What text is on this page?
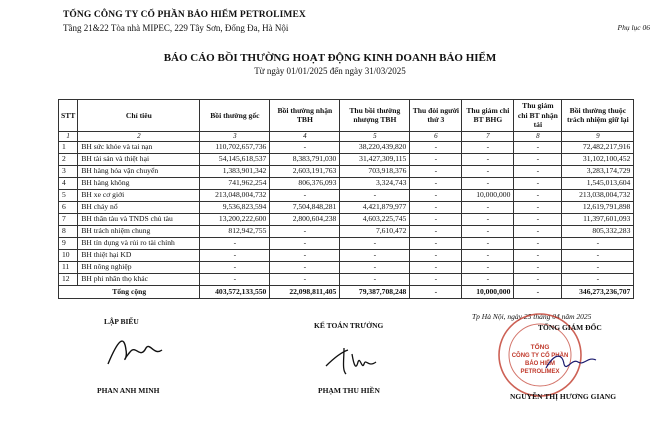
TỔNG CÔNG TY CỔ PHẦN BẢO HIỂM PETROLIMEX
Tầng 21&22 Tòa nhà MIPEC, 229 Tây Sơn, Đống Đa, Hà Nội	Phụ lục 06
BÁO CÁO BỒI THƯỜNG HOẠT ĐỘNG KINH DOANH BẢO HIỂM
Từ ngày 01/01/2025 đến ngày 31/03/2025
STT	Chỉ tiêu	Bồi thường gốc	Bồi thường nhận TBH	Thu bồi thường nhượng TBH	Thu đòi người thứ 3	Thu giảm chi BT BHG	Thu giảm chi BT nhận tái	Bồi thường thuộc trách nhiệm giữ lại
1	2	3	4	5	6	7	8	9
1	BH sức khỏe và tai nạn	110,702,657,736	-	38,220,439,820	-	-	-	72,482,217,916
2	BH tài sản và thiệt hại	54,145,618,537	8,383,791,030	31,427,309,115	-	-	-	31,102,100,452
3	BH hàng hóa vận chuyển	1,383,901,342	2,603,191,763	703,918,376	-	-	-	3,283,174,729
4	BH hàng không	741,962,254	806,376,093	3,324,743	-	-	-	1,545,013,604
5	BH xe cơ giới	213,048,004,732	-	-	-	10,000,000	-	213,038,004,732
6	BH cháy nổ	9,536,823,594	7,504,848,281	4,421,879,977	-	-	-	12,619,791,898
7	BH thân tàu và TNDS chủ tàu	13,200,222,600	2,800,604,238	4,603,225,745	-	-	-	11,397,601,093
8	BH trách nhiệm chung	812,942,755	-	7,610,472	-	-	-	805,332,283
9	BH tín dụng và rủi ro tài chính	-	-	-	-	-	-	-
10	BH thiệt hại KD	-	-	-	-	-	-	-
11	BH nông nghiệp	-	-	-	-	-	-	-
12	BH phi nhân thọ khác	-	-	-	-	-	-	-
Tổng cộng		403,572,133,550	22,098,811,405	79,387,708,248	-	10,000,000	-	346,273,236,707
LẬP BIỂU
PHAN ANH MINH
KẾ TOÁN TRƯỞNG
PHẠM THU HIỀN
Tp Hà Nội, ngày 25 tháng 04 năm 2025
TỔNG
CÔNG TY CỔ PHẦN
BẢO HIỂM
PETROLIMEX
TỔNG GIÁM ĐỐC
NGUYỄN THỊ HƯƠNG GIANG
